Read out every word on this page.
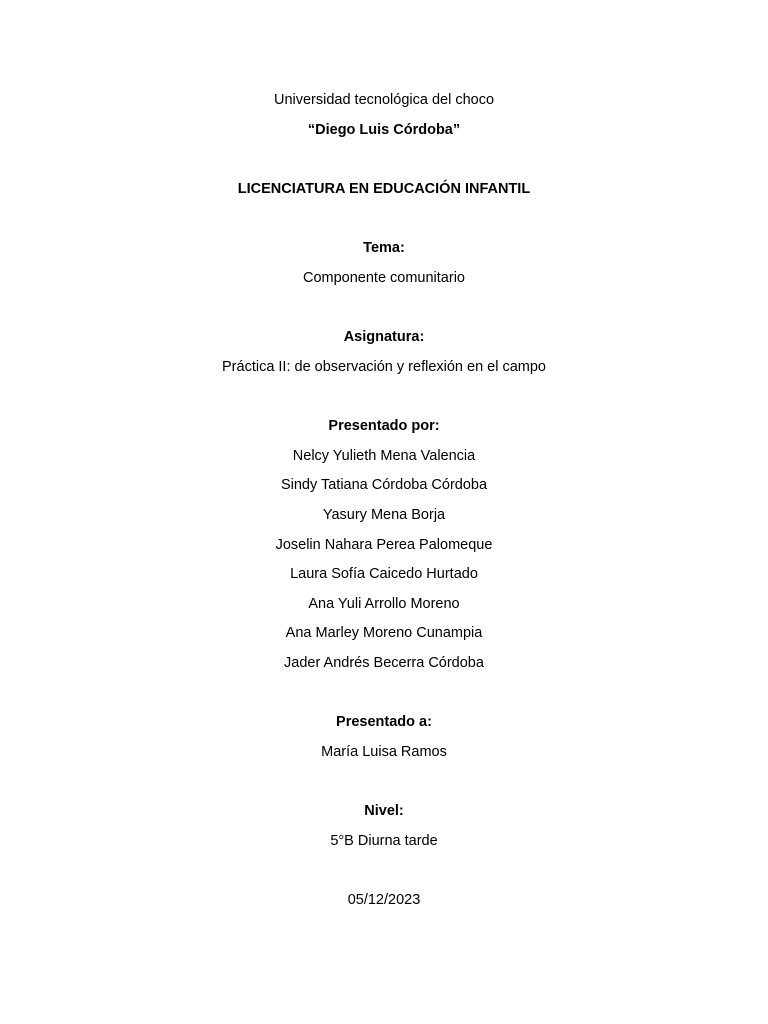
Universidad tecnológica del choco
“Diego Luis Córdoba”
LICENCIATURA EN EDUCACIÓN INFANTIL
Tema:
Componente comunitario
Asignatura:
Práctica II: de observación y reflexión en el campo
Presentado por:
Nelcy Yulieth Mena Valencia
Sindy Tatiana Córdoba Córdoba
Yasury Mena Borja
Joselin Nahara Perea Palomeque
Laura Sofía Caicedo Hurtado
Ana Yuli Arrollo Moreno
Ana Marley Moreno Cunampia
Jader Andrés Becerra Córdoba
Presentado a:
María Luisa Ramos
Nivel:
5°B Diurna tarde
05/12/2023
